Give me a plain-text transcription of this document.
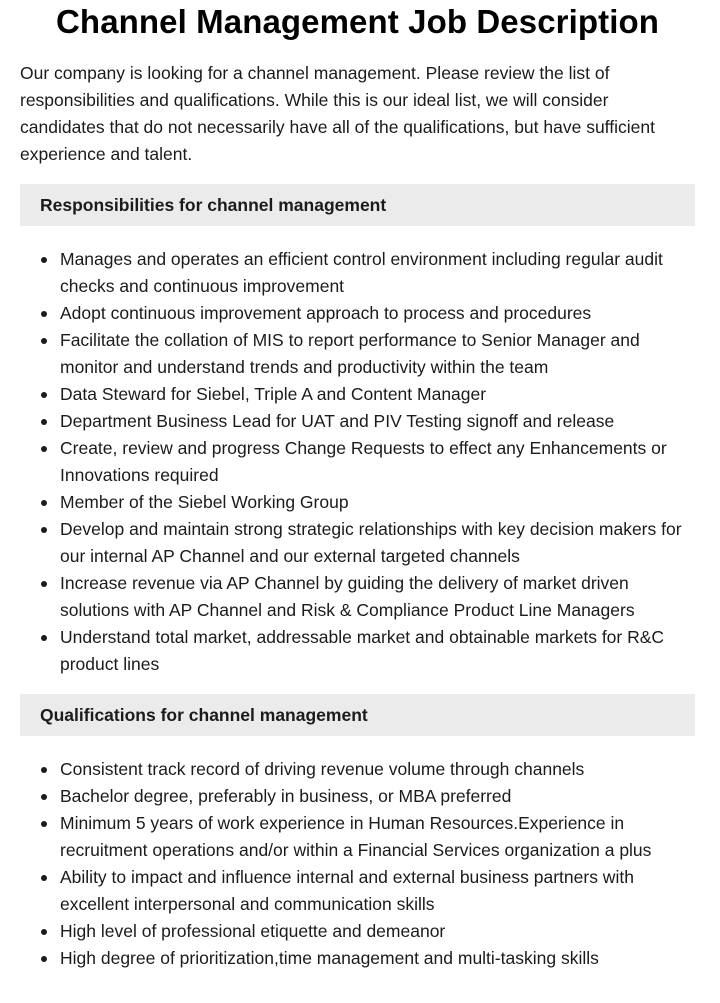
Channel Management Job Description

Our company is looking for a channel management. Please review the list of responsibilities and qualifications. While this is our ideal list, we will consider candidates that do not necessarily have all of the qualifications, but have sufficient experience and talent.

Responsibilities for channel management
Manages and operates an efficient control environment including regular audit checks and continuous improvement
Adopt continuous improvement approach to process and procedures
Facilitate the collation of MIS to report performance to Senior Manager and monitor and understand trends and productivity within the team
Data Steward for Siebel, Triple A and Content Manager
Department Business Lead for UAT and PIV Testing signoff and release
Create, review and progress Change Requests to effect any Enhancements or Innovations required
Member of the Siebel Working Group
Develop and maintain strong strategic relationships with key decision makers for our internal AP Channel and our external targeted channels
Increase revenue via AP Channel by guiding the delivery of market driven solutions with AP Channel and Risk & Compliance Product Line Managers
Understand total market, addressable market and obtainable markets for R&C product lines
Qualifications for channel management
Consistent track record of driving revenue volume through channels
Bachelor degree, preferably in business, or MBA preferred
Minimum 5 years of work experience in Human Resources.Experience in recruitment operations and/or within a Financial Services organization a plus
Ability to impact and influence internal and external business partners with excellent interpersonal and communication skills
High level of professional etiquette and demeanor
High degree of prioritization,time management and multi-tasking skills
